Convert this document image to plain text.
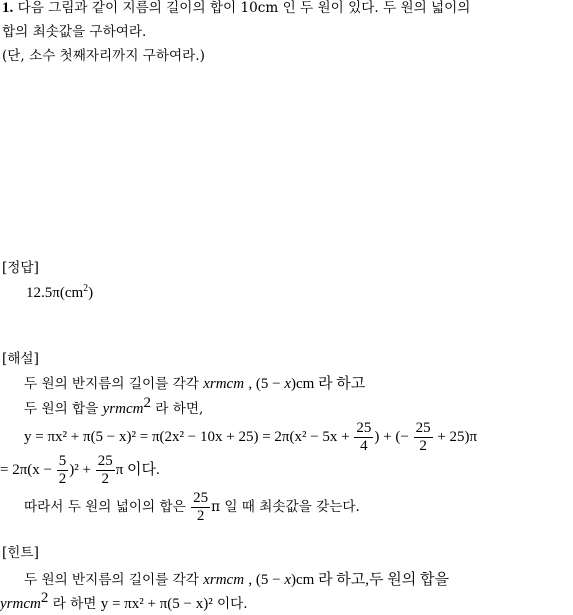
1. 다음 그림과 같이 지름의 길이의 합이 10cm 인 두 원이 있다. 두 원의 넓이의
합의 최솟값을 구하여라.
(단, 소수 첫째자리까지 구하여라.)
[정답]
$12.5\pi(cm^2)$
[해설]
두 원의 반지름의 길이를 각각 xrmcm , (5 − x)cm 라 하고
두 원의 합을 yrmcm$^2$ 라 하면,
$y = \pi x^2 + \pi(5 - x)^2 = \pi(2x^2 - 10x + 25) = 2\pi(x^2 - 5x + \frac{25}{4}$ ) + (− $\frac{25}{2} + 25)\pi$
= $2\pi(x - \frac{5}{2} )^2 + \frac{25}{2}$ π 이다.
따라서 두 원의 넓이의 합은 $\frac{25}{2}$ π 일 때 최솟값을 갖는다.
[힌트]
두 원의 반지름의 길이를 각각 xrmcm , (5 − x)cm 라 하고,두 원의 합을
yrmcm$^2$ 라 하면 y = πx² + π(5 − x)² 이다.
